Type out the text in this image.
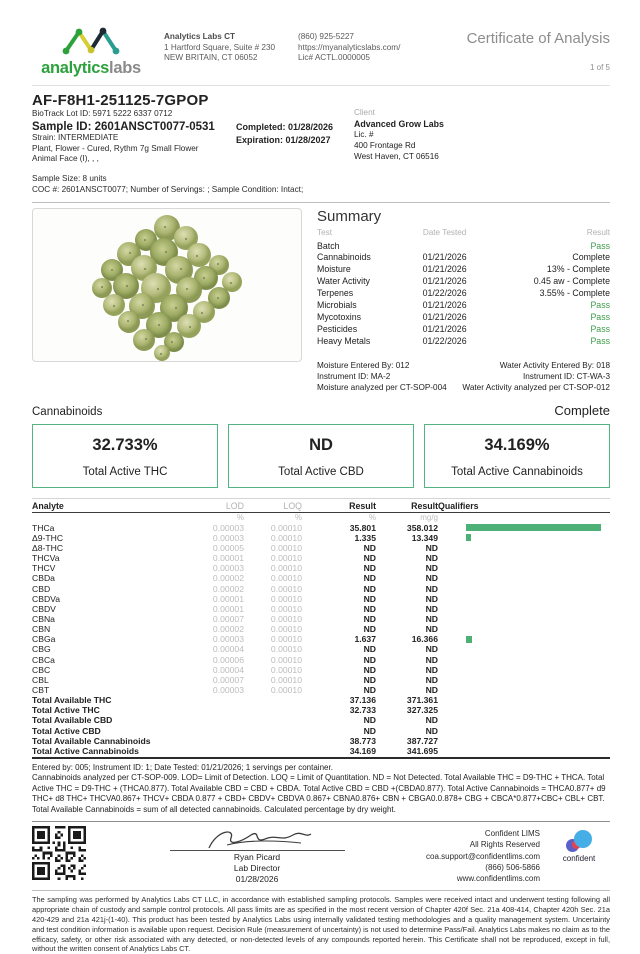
analyticslabs
Analytics Labs CT
1 Hartford Square, Suite # 230
NEW BRITAIN, CT 06052
(860) 925-5227
https://myanalyticslabs.com/
Lic# ACTL.0000005
Certificate of Analysis
1 of 5
AF-F8H1-251125-7GPOP
BioTrack Lot ID: 5971 5222 6337 0712
Sample ID: 2601ANSCT0077-0531
Strain: INTERMEDIATE
Plant, Flower - Cured, Rythm 7g Small Flower
Animal Face (I), , ,
Completed: 01/28/2026
Expiration: 01/28/2027
Sample Size: 8 units
COC #: 2601ANSCT0077; Number of Servings: ; Sample Condition: Intact;
Client
Advanced Grow Labs
Lic. #
400 Frontage Rd
West Haven, CT 06516
Summary
Test	Date Tested	Result
Batch		Pass
Cannabinoids	01/21/2026	Complete
Moisture	01/21/2026	13% - Complete
Water Activity	01/21/2026	0.45 aw - Complete
Terpenes	01/22/2026	3.55% - Complete
Microbials	01/21/2026	Pass
Mycotoxins	01/21/2026	Pass
Pesticides	01/21/2026	Pass
Heavy Metals	01/22/2026	Pass
Moisture Entered By: 012
Instrument ID: MA-2
Moisture analyzed per CT-SOP-004
Water Activity Entered By: 018
Instrument ID: CT-WA-3
Water Activity analyzed per CT-SOP-012
Cannabinoids	Complete
32.733%
Total Active THC
ND
Total Active CBD
34.169%
Total Active Cannabinoids
Analyte	LOD	LOQ	Result	Result	Qualifiers
	%	%	%	mg/g	
THCa	0.00003	0.00010	35.801	358.012	

Δ9-THC	0.00003	0.00010	1.335	13.349	

Δ8-THC	0.00005	0.00010	ND	ND	
THCVa	0.00001	0.00010	ND	ND	
THCV	0.00003	0.00010	ND	ND	
CBDa	0.00002	0.00010	ND	ND	
CBD	0.00002	0.00010	ND	ND	
CBDVa	0.00001	0.00010	ND	ND	
CBDV	0.00001	0.00010	ND	ND	
CBNa	0.00007	0.00010	ND	ND	
CBN	0.00002	0.00010	ND	ND	
CBGa	0.00003	0.00010	1.637	16.366	

CBG	0.00004	0.00010	ND	ND	
CBCa	0.00006	0.00010	ND	ND	
CBC	0.00004	0.00010	ND	ND	
CBL	0.00007	0.00010	ND	ND	
CBT	0.00003	0.00010	ND	ND	
Total Available THC			37.136	371.361	
Total Active THC			32.733	327.325	
Total Available CBD			ND	ND	
Total Active CBD			ND	ND	
Total Available Cannabinoids			38.773	387.727	
Total Active Cannabinoids			34.169	341.695	
Entered by: 005; Instrument ID: 1; Date Tested: 01/21/2026; 1 servings per container.
Cannabinoids analyzed per CT-SOP-009. LOD= Limit of Detection. LOQ = Limit of Quantitation. ND = Not Detected. Total Available THC = D9-THC + THCA. Total Active THC = D9-THC + (THCA0.877). Total Available CBD = CBD + CBDA. Total Active CBD = CBD +(CBDA0.877). Total Active Cannabinoids = THCA0.877+ d9 THC+ d8 THC+ THCVA0.867+ THCV+ CBDA 0.877 + CBD+ CBDV+ CBDVA 0.867+ CBNA0.876+ CBN + CBGA0.0.878+ CBG + CBCA*0.877+CBC+ CBL+ CBT. Total Available Cannabinoids = sum of all detected cannabinoids. Calculated percentage by dry weight.
Ryan Picard
Lab Director
01/28/2026
Confident LIMS
All Rights Reserved
coa.support@confidentlims.com
(866) 506-5866
www.confidentlims.com
confident
The sampling was performed by Analytics Labs CT LLC, in accordance with established sampling protocols. Samples were received intact and underwent testing following all appropriate chain of custody and sample control protocols. All pass limits are as specified in the most recent version of Chapter 420f Sec. 21a 408-414, Chapter 420h Sec. 21a 420-429 and 21a 421j-(1-40). This product has been tested by Analytics Labs using internally validated testing methodologies and a quality management system. Uncertainty and test condition information is available upon request. Decision Rule (measurement of uncertainty) is not used to determine Pass/Fail. Analytics Labs makes no claim as to the efficacy, safety, or other risk associated with any detected, or non-detected levels of any compounds reported herein. This Certificate shall not be reproduced, except in full, without the written consent of Analytics Labs CT.
